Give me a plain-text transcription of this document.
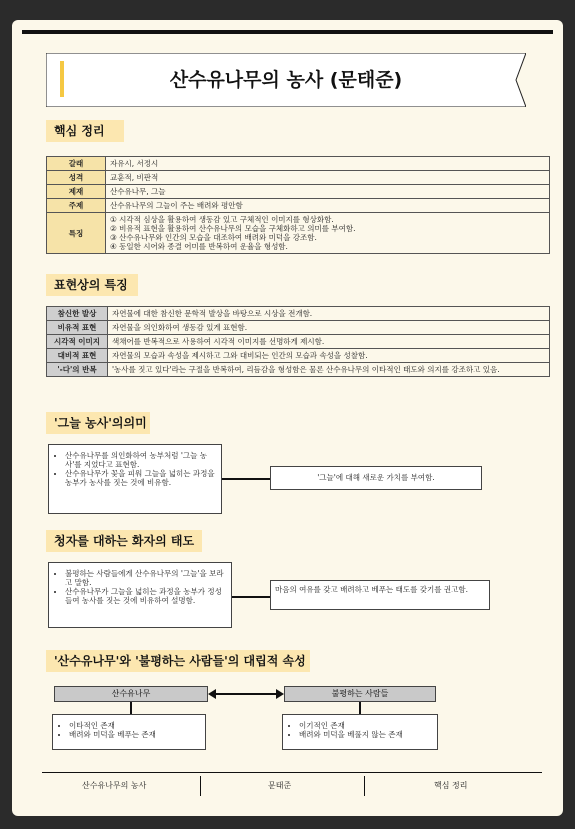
산수유나무의 농사 (문태준)
핵심 정리
갈래	자유시, 서정시
성격	교훈적, 비판적
제재	산수유나무, 그늘
주제	산수유나무의 그늘이 주는 배려와 평안함
특징	① 시각적 심상을 활용하여 생동감 있고 구체적인 이미지를 형상화함.
② 비유적 표현을 활용하여 산수유나무의 모습을 구체화하고 의미를 부여함.
③ 산수유나무와 인간의 모습을 대조하여 배려와 미덕을 강조함.
④ 동일한 시어와 종결 어미를 반복하여 운율을 형성함.
표현상의 특징
참신한 발상	자연물에 대한 참신한 문학적 발상을 바탕으로 시상을 전개함.
비유적 표현	자연물을 의인화하여 생동감 있게 표현함.
시각적 이미지	색채어를 반복적으로 사용하여 시각적 이미지를 선명하게 제시함.
대비적 표현	자연물의 모습과 속성을 제시하고 그와 대비되는 인간의 모습과 속성을 성찰함.
'-다'의 반복	'농사를 짓고 있다'라는 구절을 반복하여, 리듬감을 형성함은 물론 산수유나무의 이타적인 태도와 의지를 강조하고 있음.
'그늘 농사'의의미
• 산수유나무를 의인화하여 농부처럼 '그늘 농사'를 지었다고 표현함.
• 산수유나무가 꽃을 피워 그늘을 넓히는 과정을 농부가 농사를 짓는 것에 비유함.
'그늘'에 대해 새로운 가치를 부여함.
청자를 대하는 화자의 태도
• 불평하는 사람들에게 산수유나무의 '그늘'을 보라고 말함.
• 산수유나무가 그늘을 넓히는 과정을 농부가 정성 들여 농사를 짓는 것에 비유하여 설명함.
마음의 여유를 갖고 배려하고 베푸는 태도를 갖기를 권고함.
'산수유나무'와 '불평하는 사람들'의 대립적 속성
산수유나무	불평하는 사람들
• 이타적인 존재
• 배려와 미덕을 베푸는 존재
• 이기적인 존재
• 배려와 미덕을 베풀지 않는 존재
산수유나무의 농사	문태준	핵심 정리
